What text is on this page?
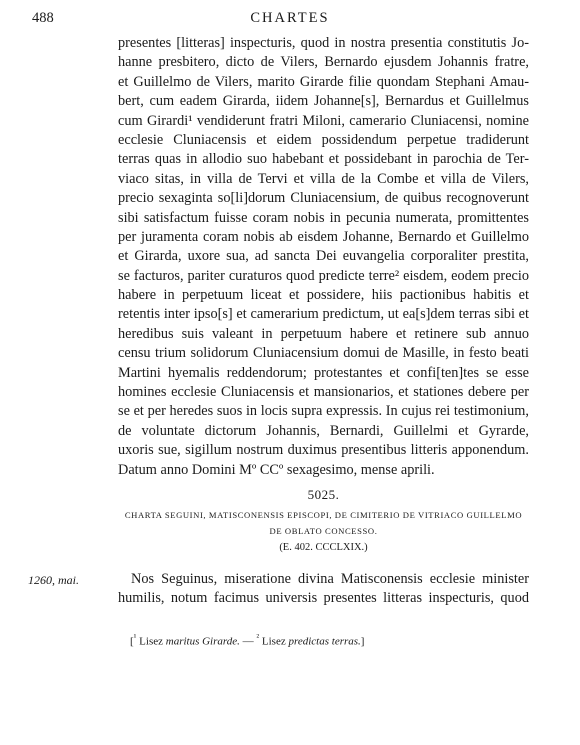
488	CHARTES
presentes [litteras] inspecturis, quod in nostra presentia constitutis Jo-
hanne presbitero, dicto de Vilers, Bernardo ejusdem Johannis fratre,
et Guillelmo de Vilers, marito Girarde filie quondam Stephani Amau-
bert, cum eadem Girarda, iidem Johanne[s], Bernardus et Guillelmus
cum Girardi¹ vendiderunt fratri Miloni, camerario Cluniacensi, nomine
ecclesie Cluniacensis et eidem possidendum perpetue tradiderunt
terras quas in allodio suo habebant et possidebant in parochia de Ter-
viaco sitas, in villa de Tervi et villa de la Combe et villa de Vilers,
precio sexaginta so[li]dorum Cluniacensium, de quibus recognoverunt
sibi satisfactum fuisse coram nobis in pecunia numerata, promittentes
per juramenta coram nobis ab eisdem Johanne, Bernardo et Guillelmo
et Girarda, uxore sua, ad sancta Dei euvangelia corporaliter prestita,
se facturos, pariter curaturos quod predicte terre² eisdem, eodem precio
habere in perpetuum liceat et possidere, hiis pactionibus habitis et
retentis inter ipso[s] et camerarium predictum, ut ea[s]dem terras sibi et
heredibus suis valeant in perpetuum habere et retinere sub annuo
censu trium solidorum Cluniacensium domui de Masille, in festo beati
Martini hyemalis reddendorum; protestantes et confi[ten]tes se esse
homines ecclesie Cluniacensis et mansionarios, et stationes debere per
se et per heredes suos in locis supra expressis. In cujus rei testimonium,
de voluntate dictorum Johannis, Bernardi, Guillelmi et Gyrarde,
uxoris sue, sigillum nostrum duximus presentibus litteris apponendum.
Datum anno Domini Mº CCº sexagesimo, mense aprili.
5025.
CHARTA SEGUINI, MATISCONENSIS EPISCOPI, DE CIMITERIO DE VITRIACO GUILLELMO
DE OBLATO CONCESSO.
(E. 402. CCCLXIX.)
1260, mai.	Nos Seguinus, miseratione divina Matisconensis ecclesie minister
humilis, notum facimus universis presentes litteras inspecturis, quod
[$^{^1}$ Lisez maritus Girarde. — $^{^2}$ Lisez predictas terras.]
